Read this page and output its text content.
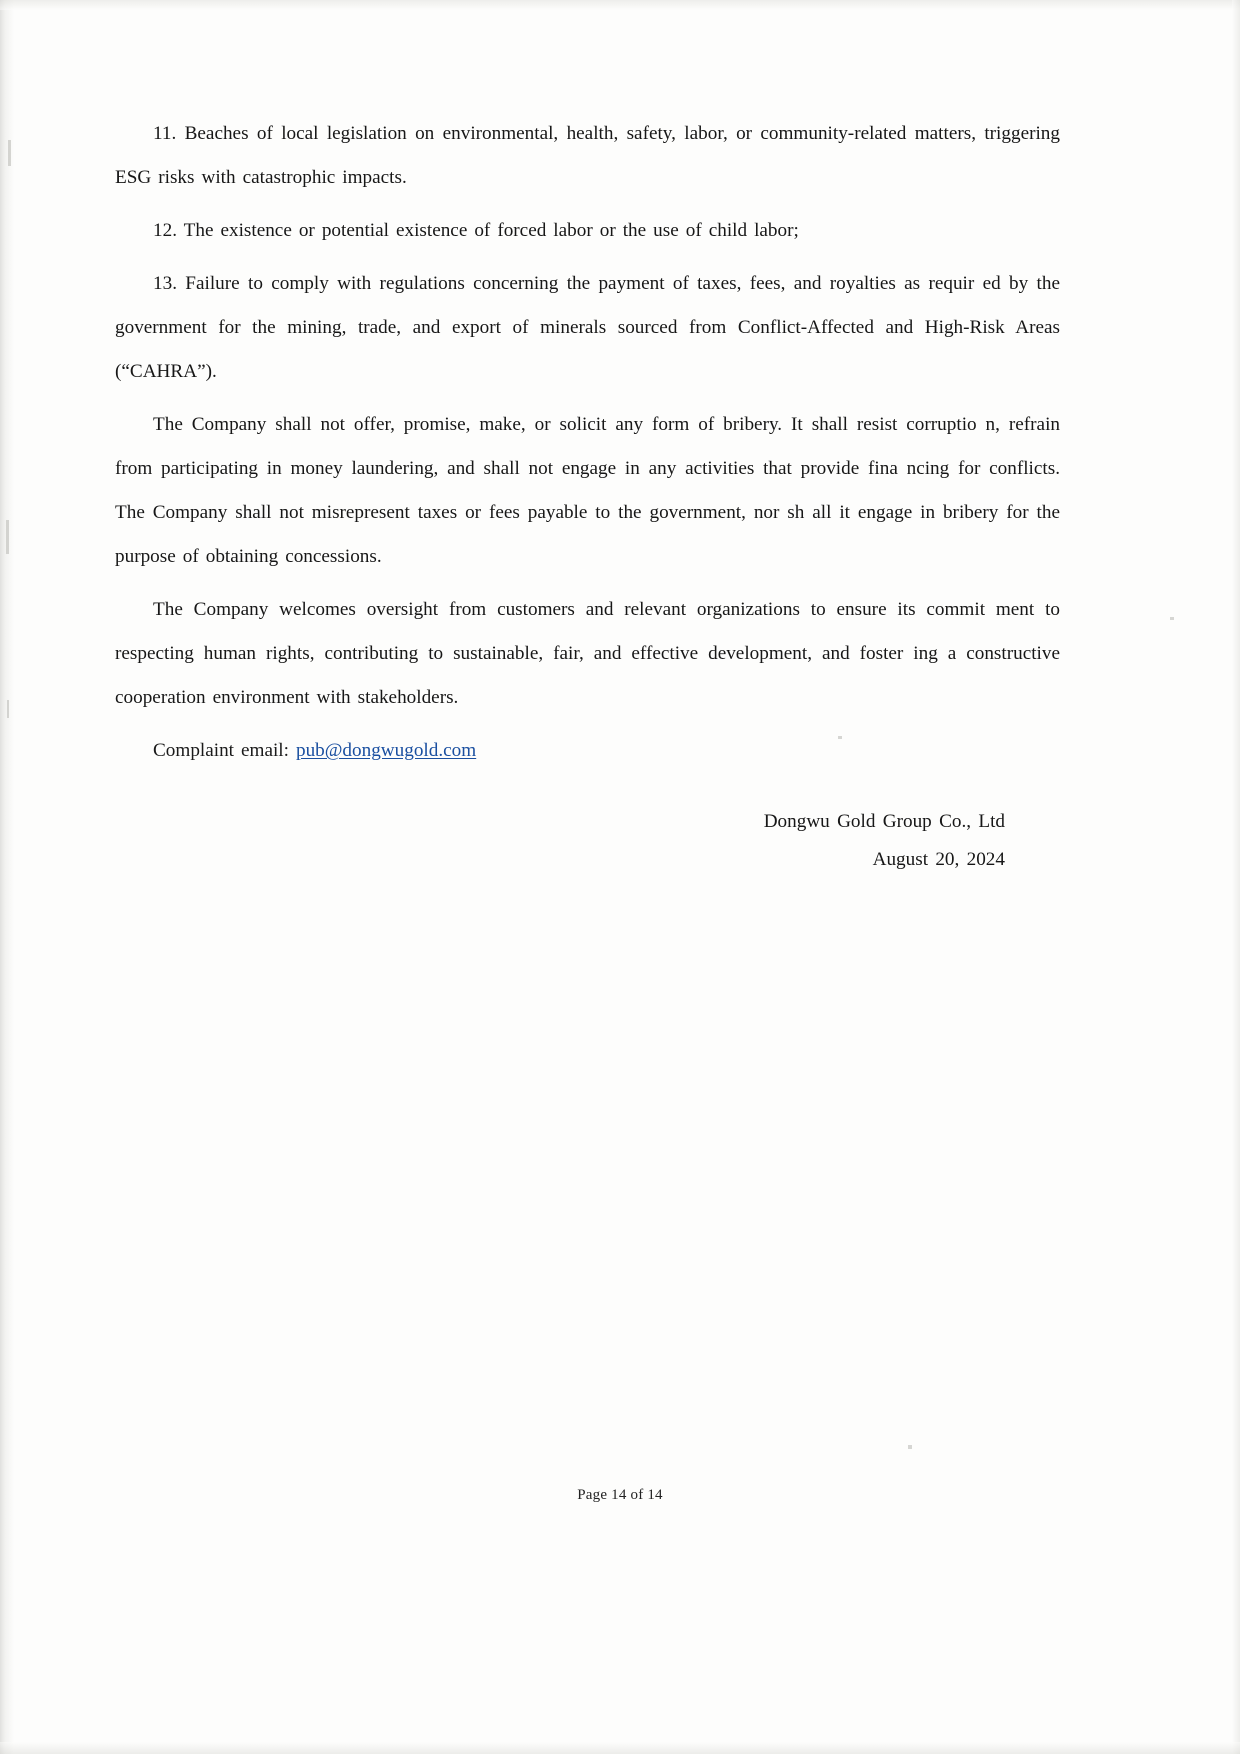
11. Beaches of local legislation on environmental, health, safety, labor, or community-related matters, triggering ESG risks with catastrophic impacts.

12. The existence or potential existence of forced labor or the use of child labor;

13. Failure to comply with regulations concerning the payment of taxes, fees, and royalties as requir ed by the government for the mining, trade, and export of minerals sourced from Conflict-Affected and High-Risk Areas (“CAHRA”).

The Company shall not offer, promise, make, or solicit any form of bribery. It shall resist corruptio n, refrain from participating in money laundering, and shall not engage in any activities that provide fina ncing for conflicts. The Company shall not misrepresent taxes or fees payable to the government, nor sh all it engage in bribery for the purpose of obtaining concessions.

The Company welcomes oversight from customers and relevant organizations to ensure its commit ment to respecting human rights, contributing to sustainable, fair, and effective development, and foster ing a constructive cooperation environment with stakeholders.

Complaint email: pub@dongwugold.com
Dongwu Gold Group Co., Ltd
August 20, 2024
Page 14 of 14
